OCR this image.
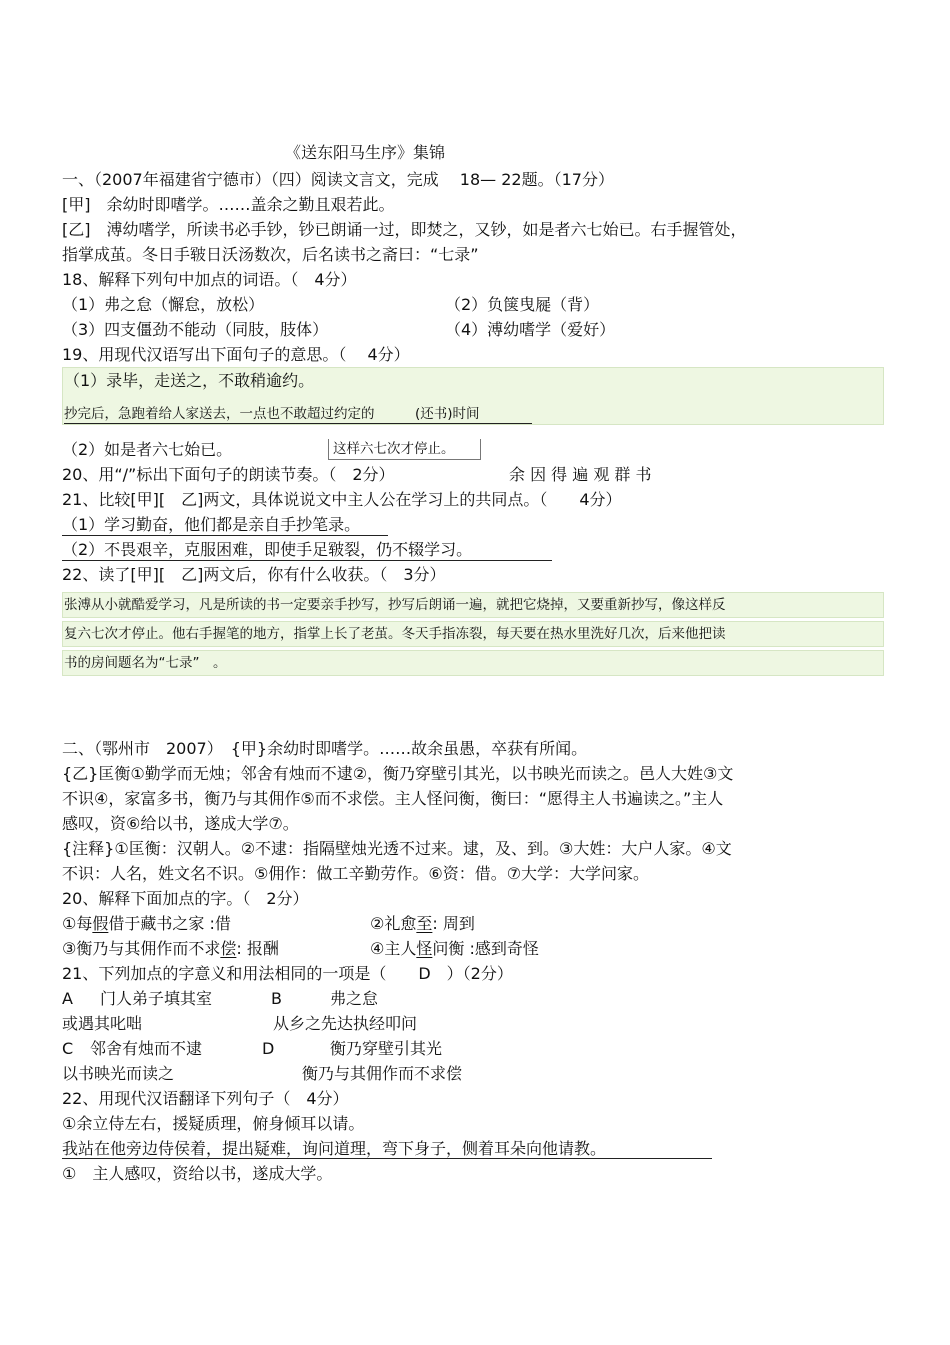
《送东阳马生序》集锦
一、（2007年福建省宁德市）（四）阅读文言文，完成　 18— 22题。（17分）
[甲]　余幼时即嗜学。……盖余之勤且艰若此。
[乙]　溥幼嗜学，所读书必手钞，钞已朗诵一过，即焚之，又钞，如是者六七始已。右手握管处，
指掌成茧。冬日手皲日沃汤数次，后名读书之斋曰：“七录”
18、解释下列句中加点的词语。（　4分）
（1）弗之怠（懈怠，放松）	（2）负箧曳屣（背）
（3）四支僵劲不能动（同肢，肢体）	（4）溥幼嗜学（爱好）
19、用现代汉语写出下面句子的意思。（　 4分）
（1）录毕，走送之，不敢稍逾约。
抄完后，急跑着给人家送去，一点也不敢超过约定的　　　(还书)时间
（2）如是者六七始已。	这样六七次才停止。
20、用“/”标出下面句子的朗读节奏。（　2分）	余 因 得 遍 观 群 书
21、比较[甲][　乙]两文，具体说说文中主人公在学习上的共同点。（　　4分）
（1）学习勤奋，他们都是亲自手抄笔录。
（2）不畏艰辛，克服困难，即使手足皲裂，仍不辍学习。
22、读了[甲][　乙]两文后，你有什么收获。（　3分）
张溥从小就酷爱学习，凡是所读的书一定要亲手抄写，抄写后朗诵一遍，就把它烧掉，又要重新抄写，像这样反
复六七次才停止。他右手握笔的地方，指掌上长了老茧。冬天手指冻裂，每天要在热水里洗好几次，后来他把读
书的房间题名为“七录”　。
二、（鄂州市　2007）　{甲}余幼时即嗜学。……故余虽愚，卒获有所闻。
{乙}匡衡①勤学而无烛；邻舍有烛而不逮②，衡乃穿壁引其光，以书映光而读之。邑人大姓③文
不识④，家富多书，衡乃与其佣作⑤而不求偿。主人怪问衡，衡曰：“愿得主人书遍读之。”主人
感叹，资⑥给以书，遂成大学⑦。
{注释}①匡衡：汉朝人。②不逮：指隔壁烛光透不过来。逮，及、到。③大姓：大户人家。④文
不识：人名，姓文名不识。⑤佣作：做工辛勤劳作。⑥资：借。⑦大学：大学问家。
20、解释下面加点的字。（　2分）
①每假借于藏书之家 :借	②礼愈至: 周到
③衡乃与其佣作而不求偿: 报酬	④主人怪问衡 :感到奇怪
21、下列加点的字意义和用法相同的一项是（　　D　）（2分）
A 门人弟子填其室	B	弗之怠
或遇其叱咄	从乡之先达执经叩问
C 邻舍有烛而不逮	D	衡乃穿壁引其光
以书映光而读之	衡乃与其佣作而不求偿
22、用现代汉语翻译下列句子（　4分）
①余立侍左右，援疑质理，俯身倾耳以请。
我站在他旁边侍侯着，提出疑难，询问道理，弯下身子，侧着耳朵向他请教。
①　主人感叹，资给以书，遂成大学。
